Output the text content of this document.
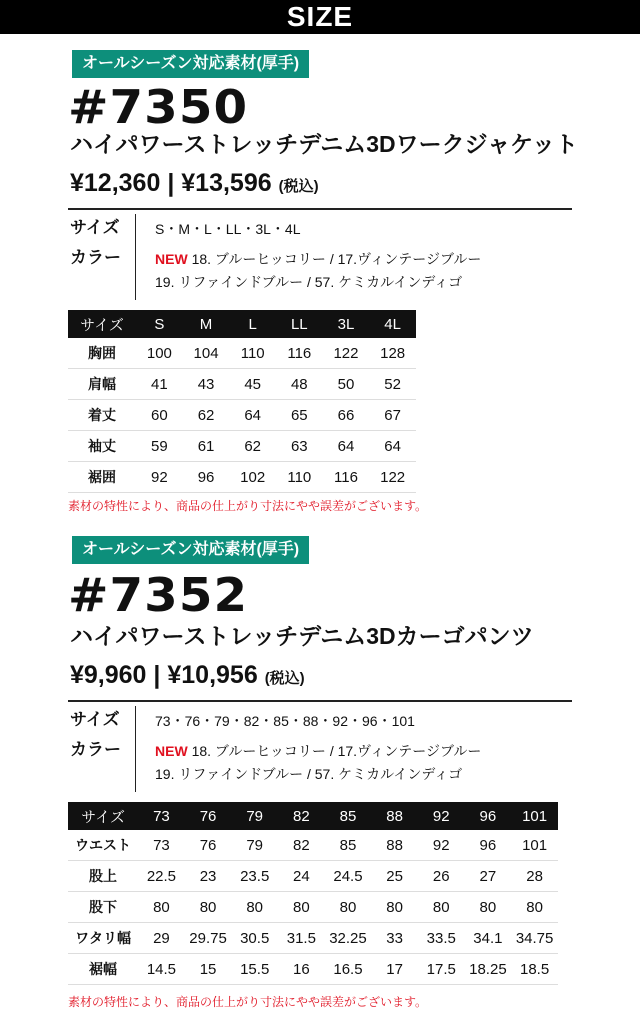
SIZE
オールシーズン対応素材(厚手)
#7350
ハイパワーストレッチデニム3Dワークジャケット
¥12,360 | ¥13,596 (税込)
サイズ	S・M・L・LL・3L・4L
カラー NEW 18. ブルーヒッコリー / 17.ヴィンテージブルー
19. リファインドブルー / 57. ケミカルインディゴ
サイズ	S	M	L	LL	3L	4L
胸囲	100	104	110	116	122	128
肩幅	41	43	45	48	50	52
着丈	60	62	64	65	66	67
袖丈	59	61	62	63	64	64
裾囲	92	96	102	110	116	122
素材の特性により、商品の仕上がり寸法にやや誤差がございます。
オールシーズン対応素材(厚手)
#7352
ハイパワーストレッチデニム3Dカーゴパンツ
¥9,960 | ¥10,956 (税込)
サイズ	73・76・79・82・85・88・92・96・101
カラー NEW 18. ブルーヒッコリー / 17.ヴィンテージブルー
19. リファインドブルー / 57. ケミカルインディゴ
サイズ	73	76	79	82	85	88	92	96	101
ウエスト	73	76	79	82	85	88	92	96	101
股上	22.5	23	23.5	24	24.5	25	26	27	28
股下	80	80	80	80	80	80	80	80	80
ワタリ幅	29	29.75	30.5	31.5	32.25	33	33.5	34.1	34.75
裾幅	14.5	15	15.5	16	16.5	17	17.5	18.25	18.5
素材の特性により、商品の仕上がり寸法にやや誤差がございます。
